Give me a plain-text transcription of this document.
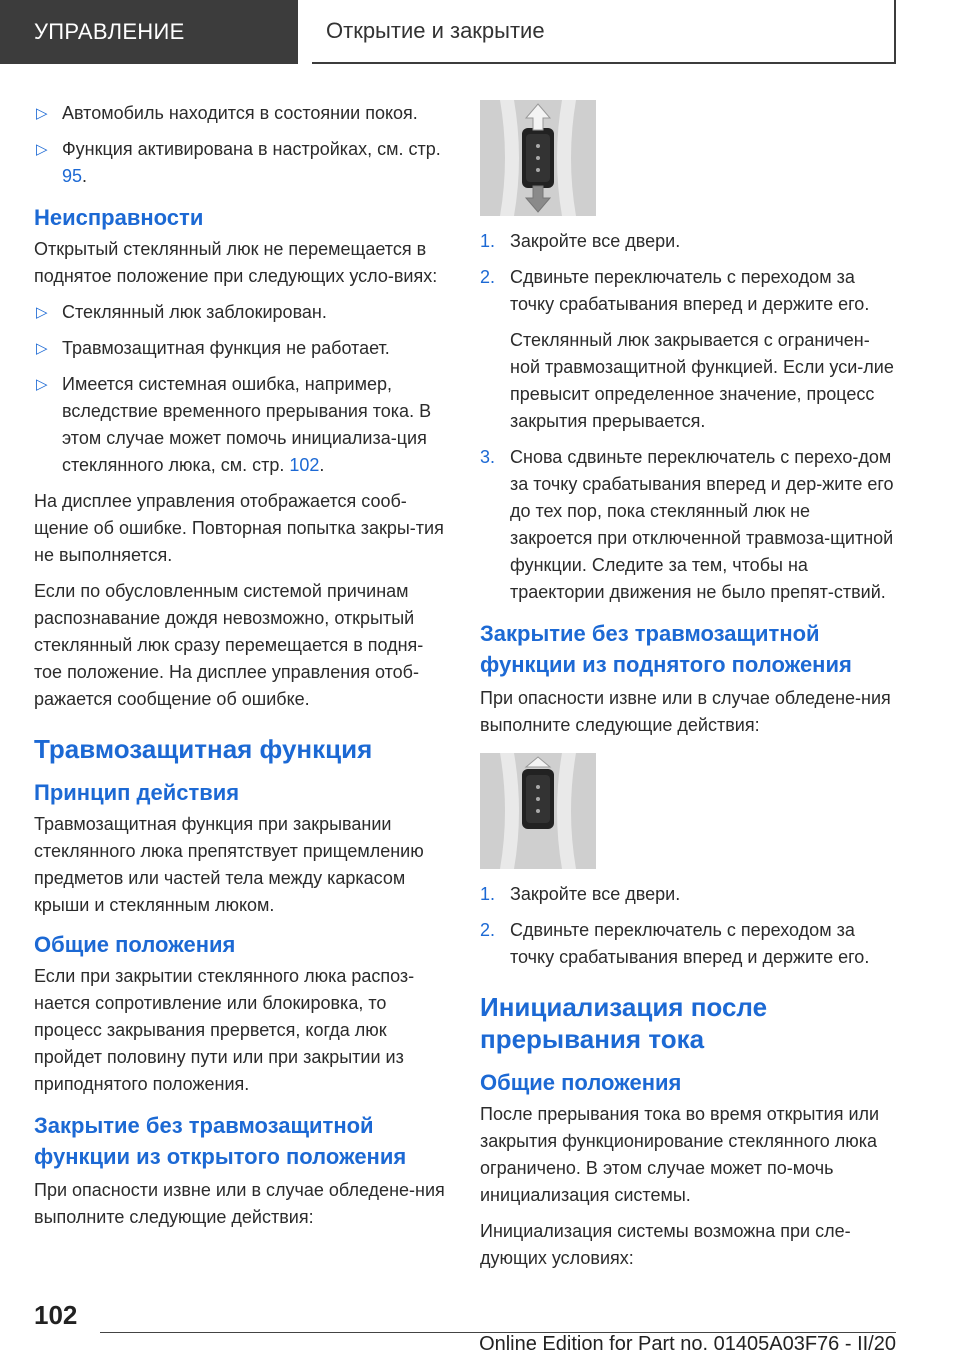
УПРАВЛЕНИЕ	Открытие и закрытие
▷ Автомобиль находится в состоянии покоя.
▷ Функция активирована в настройках, см. стр. 95.
Неисправности

Открытый стеклянный люк не перемещается в поднятое положение при следующих усло-виях:

▷ Стеклянный люк заблокирован.
▷ Травмозащитная функция не работает.
▷ Имеется системная ошибка, например, вследствие временного прерывания тока. В этом случае может помочь инициализа-ция стеклянного люка, см. стр. 102.

На дисплее управления отображается сооб-щение об ошибке. Повторная попытка закры-тия не выполняется.

Если по обусловленным системой причинам распознавание дождя невозможно, открытый стеклянный люк сразу перемещается в подня-тое положение. На дисплее управления отоб-ражается сообщение об ошибке.

Травмозащитная функция
Принцип действия

Травмозащитная функция при закрывании стеклянного люка препятствует прищемлению предметов или частей тела между каркасом крыши и стеклянным люком.

Общие положения

Если при закрытии стеклянного люка распоз-нается сопротивление или блокировка, то процесс закрывания прервется, когда люк пройдет половину пути или при закрытии из приподнятого положения.

Закрытие без травмозащитной функции из открытого положения

При опасности извне или в случае обледене-ния выполните следующие действия:

1. Закройте все двери.
2. Сдвиньте переключатель с переходом за точку срабатывания вперед и держите его.
Стеклянный люк закрывается с ограничен-ной травмозащитной функцией. Если уси-лие превысит определенное значение, процесс закрытия прерывается.
3. Снова сдвиньте переключатель с перехо-дом за точку срабатывания вперед и дер-жите его до тех пор, пока стеклянный люк не закроется при отключенной травмоза-щитной функции. Следите за тем, чтобы на траектории движения не было препят-ствий.
Закрытие без травмозащитной функции из поднятого положения

При опасности извне или в случае обледене-ния выполните следующие действия:

1. Закройте все двери.
2. Сдвиньте переключатель с переходом за точку срабатывания вперед и держите его.
Инициализация после прерывания тока
Общие положения

После прерывания тока во время открытия или закрытия функционирование стеклянного люка ограничено. В этом случае может по-мочь инициализация системы.

Инициализация системы возможна при сле-дующих условиях:

102
Online Edition for Part no. 01405A03F76 - II/20
